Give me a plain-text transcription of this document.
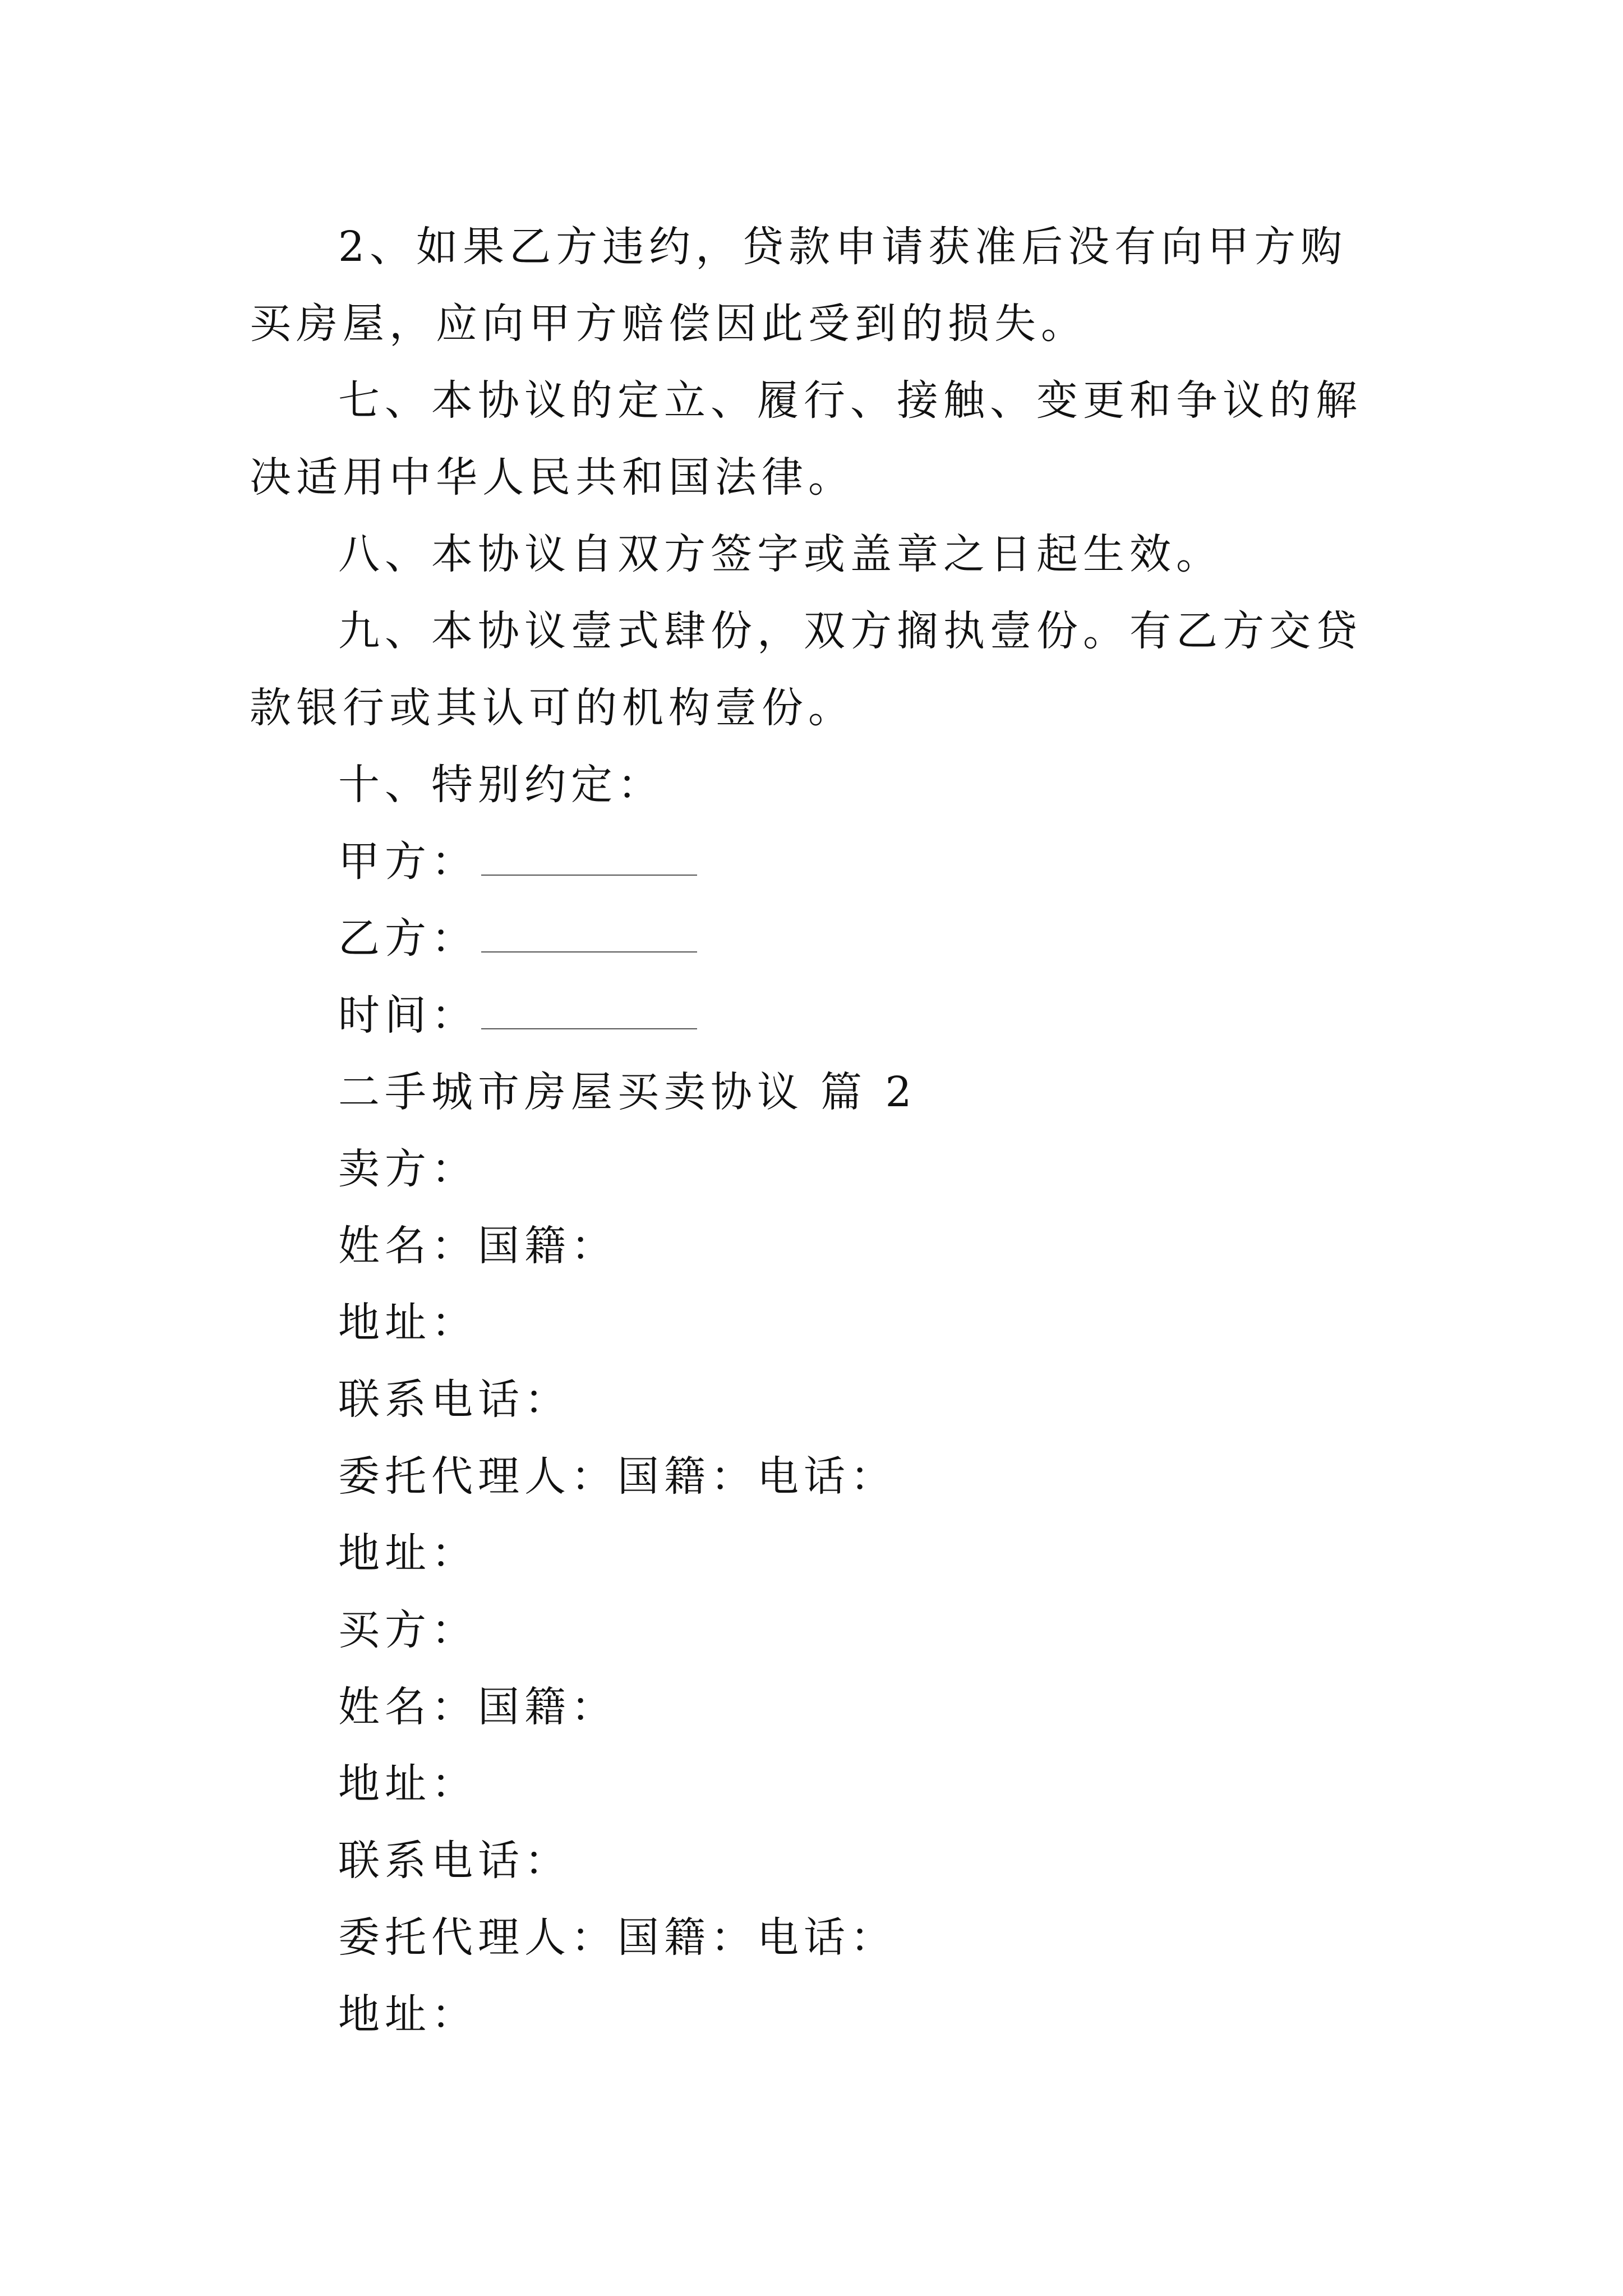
2、如果乙方违约，贷款申请获准后没有向甲方购买房屋，应向甲方赔偿因此受到的损失。

七、本协议的定立、履行、接触、变更和争议的解决适用中华人民共和国法律。

八、本协议自双方签字或盖章之日起生效。

九、本协议壹式肆份，双方搁执壹份。有乙方交贷款银行或其认可的机构壹份。

十、特别约定：

甲方：

乙方：

时间：

二手城市房屋买卖协议 篇 2

卖方：

姓名：国籍：

地址：

联系电话：

委托代理人：国籍：电话：

地址：

买方：

姓名：国籍：

地址：

联系电话：

委托代理人：国籍：电话：

地址：
